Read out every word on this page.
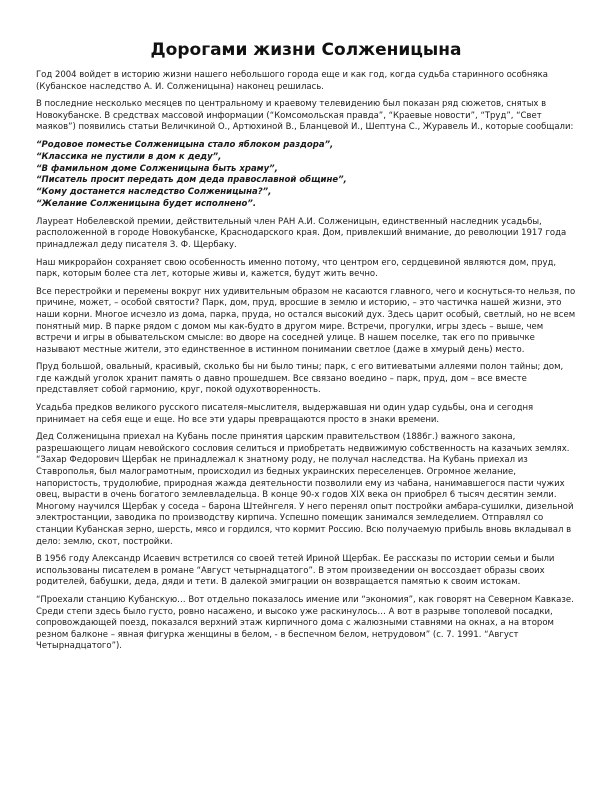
Дорогами жизни Солженицына

Год 2004 войдет в историю жизни нашего небольшого города еще и как год, когда судьба старинного особняка (Кубанское наследство А. И. Солженицына) наконец решилась.

В последние несколько месяцев по центральному и краевому телевидению был показан ряд сюжетов, снятых в Новокубанске. В средствах массовой информации (“Комсомольская правда”, “Краевые новости”, “Труд”, “Свет маяков”) появились статьи Величкиной О., Артюхиной В., Бланцевой И., Шептуна С., Журавель И., которые сообщали:

“Родовое поместье Солженицына стало яблоком раздора”,
“Классика не пустили в дом к деду”,
“В фамильном доме Солженицына быть храму”,
“Писатель просит передать дом деда православной общине”,
“Кому достанется наследство Солженицына?”,
“Желание Солженицына будет исполнено”.

Лауреат Нобелевской премии, действительный член РАН А.И. Солженицын, единственный наследник усадьбы, расположенной в городе Новокубанске, Краснодарского края. Дом, привлекший внимание, до революции 1917 года принадлежал деду писателя З. Ф. Щербаку.

Наш микрорайон сохраняет свою особенность именно потому, что центром его, сердцевиной являются дом, пруд, парк, которым более ста лет, которые живы и, кажется, будут жить вечно.

Все перестройки и перемены вокруг них удивительным образом не касаются главного, чего и коснуться-то нельзя, по причине, может, – особой святости? Парк, дом, пруд, вросшие в землю и историю, – это частичка нашей жизни, это наши корни. Многое исчезло из дома, парка, пруда, но остался высокий дух. Здесь царит особый, светлый, но не всем понятный мир. В парке рядом с домом мы как-будто в другом мире. Встречи, прогулки, игры здесь – выше, чем встречи и игры в обывательском смысле: во дворе на соседней улице. В нашем поселке, так его по привычке называют местные жители, это единственное в истинном понимании светлое (даже в хмурый день) место.

Пруд большой, овальный, красивый, сколько бы ни было тины; парк, с его витиеватыми аллеями полон тайны; дом, где каждый уголок хранит память о давно прошедшем. Все связано воедино – парк, пруд, дом – все вместе представляет собой гармонию, круг, покой одухотворенность.

Усадьба предков великого русского писателя–мыслителя, выдержавшая ни один удар судьбы, она и сегодня принимает на себя еще и еще. Но все эти удары превращаются просто в знаки времени.

Дед Солженицына приехал на Кубань после принятия царским правительством (1886г.) важного закона, разрешающего лицам невойского сословия селиться и приобретать недвижимую собственность на казачьих землях. “Захар Федорович Щербак не принадлежал к знатному роду, не получал наследства. На Кубань приехал из Ставрополья, был малограмотным, происходил из бедных украинских переселенцев. Огромное желание, напористость, трудолюбие, природная жажда деятельности позволили ему из чабана, нанимавшегося пасти чужих овец, вырасти в очень богатого землевладельца. В конце 90-х годов XIX века он приобрел 6 тысяч десятин земли. Многому научился Щербак у соседа – барона Штейнгеля. У него перенял опыт постройки амбара-сушилки, дизельной электростанции, заводика по производству кирпича. Успешно помещик занимался земледелием. Отправлял со станции Кубанская зерно, шерсть, мясо и гордился, что кормит Россию. Всю получаемую прибыль вновь вкладывал в дело: землю, скот, постройки.

В 1956 году Александр Исаевич встретился со своей тетей Ириной Щербак. Ее рассказы по истории семьи и были использованы писателем в романе “Август четырнадцатого”. В этом произведении он воссоздает образы своих родителей, бабушки, деда, дяди и тети. В далекой эмиграции он возвращается памятью к своим истокам.

“Проехали станцию Кубанскую… Вот отдельно показалось имение или “экономия”, как говорят на Северном Кавказе. Среди степи здесь было густо, ровно насажено, и высоко уже раскинулось… А вот в разрыве тополевой посадки, сопровождающей поезд, показался верхний этаж кирпичного дома с жалюзными ставнями на окнах, а на втором резном балконе – явная фигурка женщины в белом, - в беспечном белом, нетрудовом” (с. 7. 1991. “Август Четырнадцатого”).
